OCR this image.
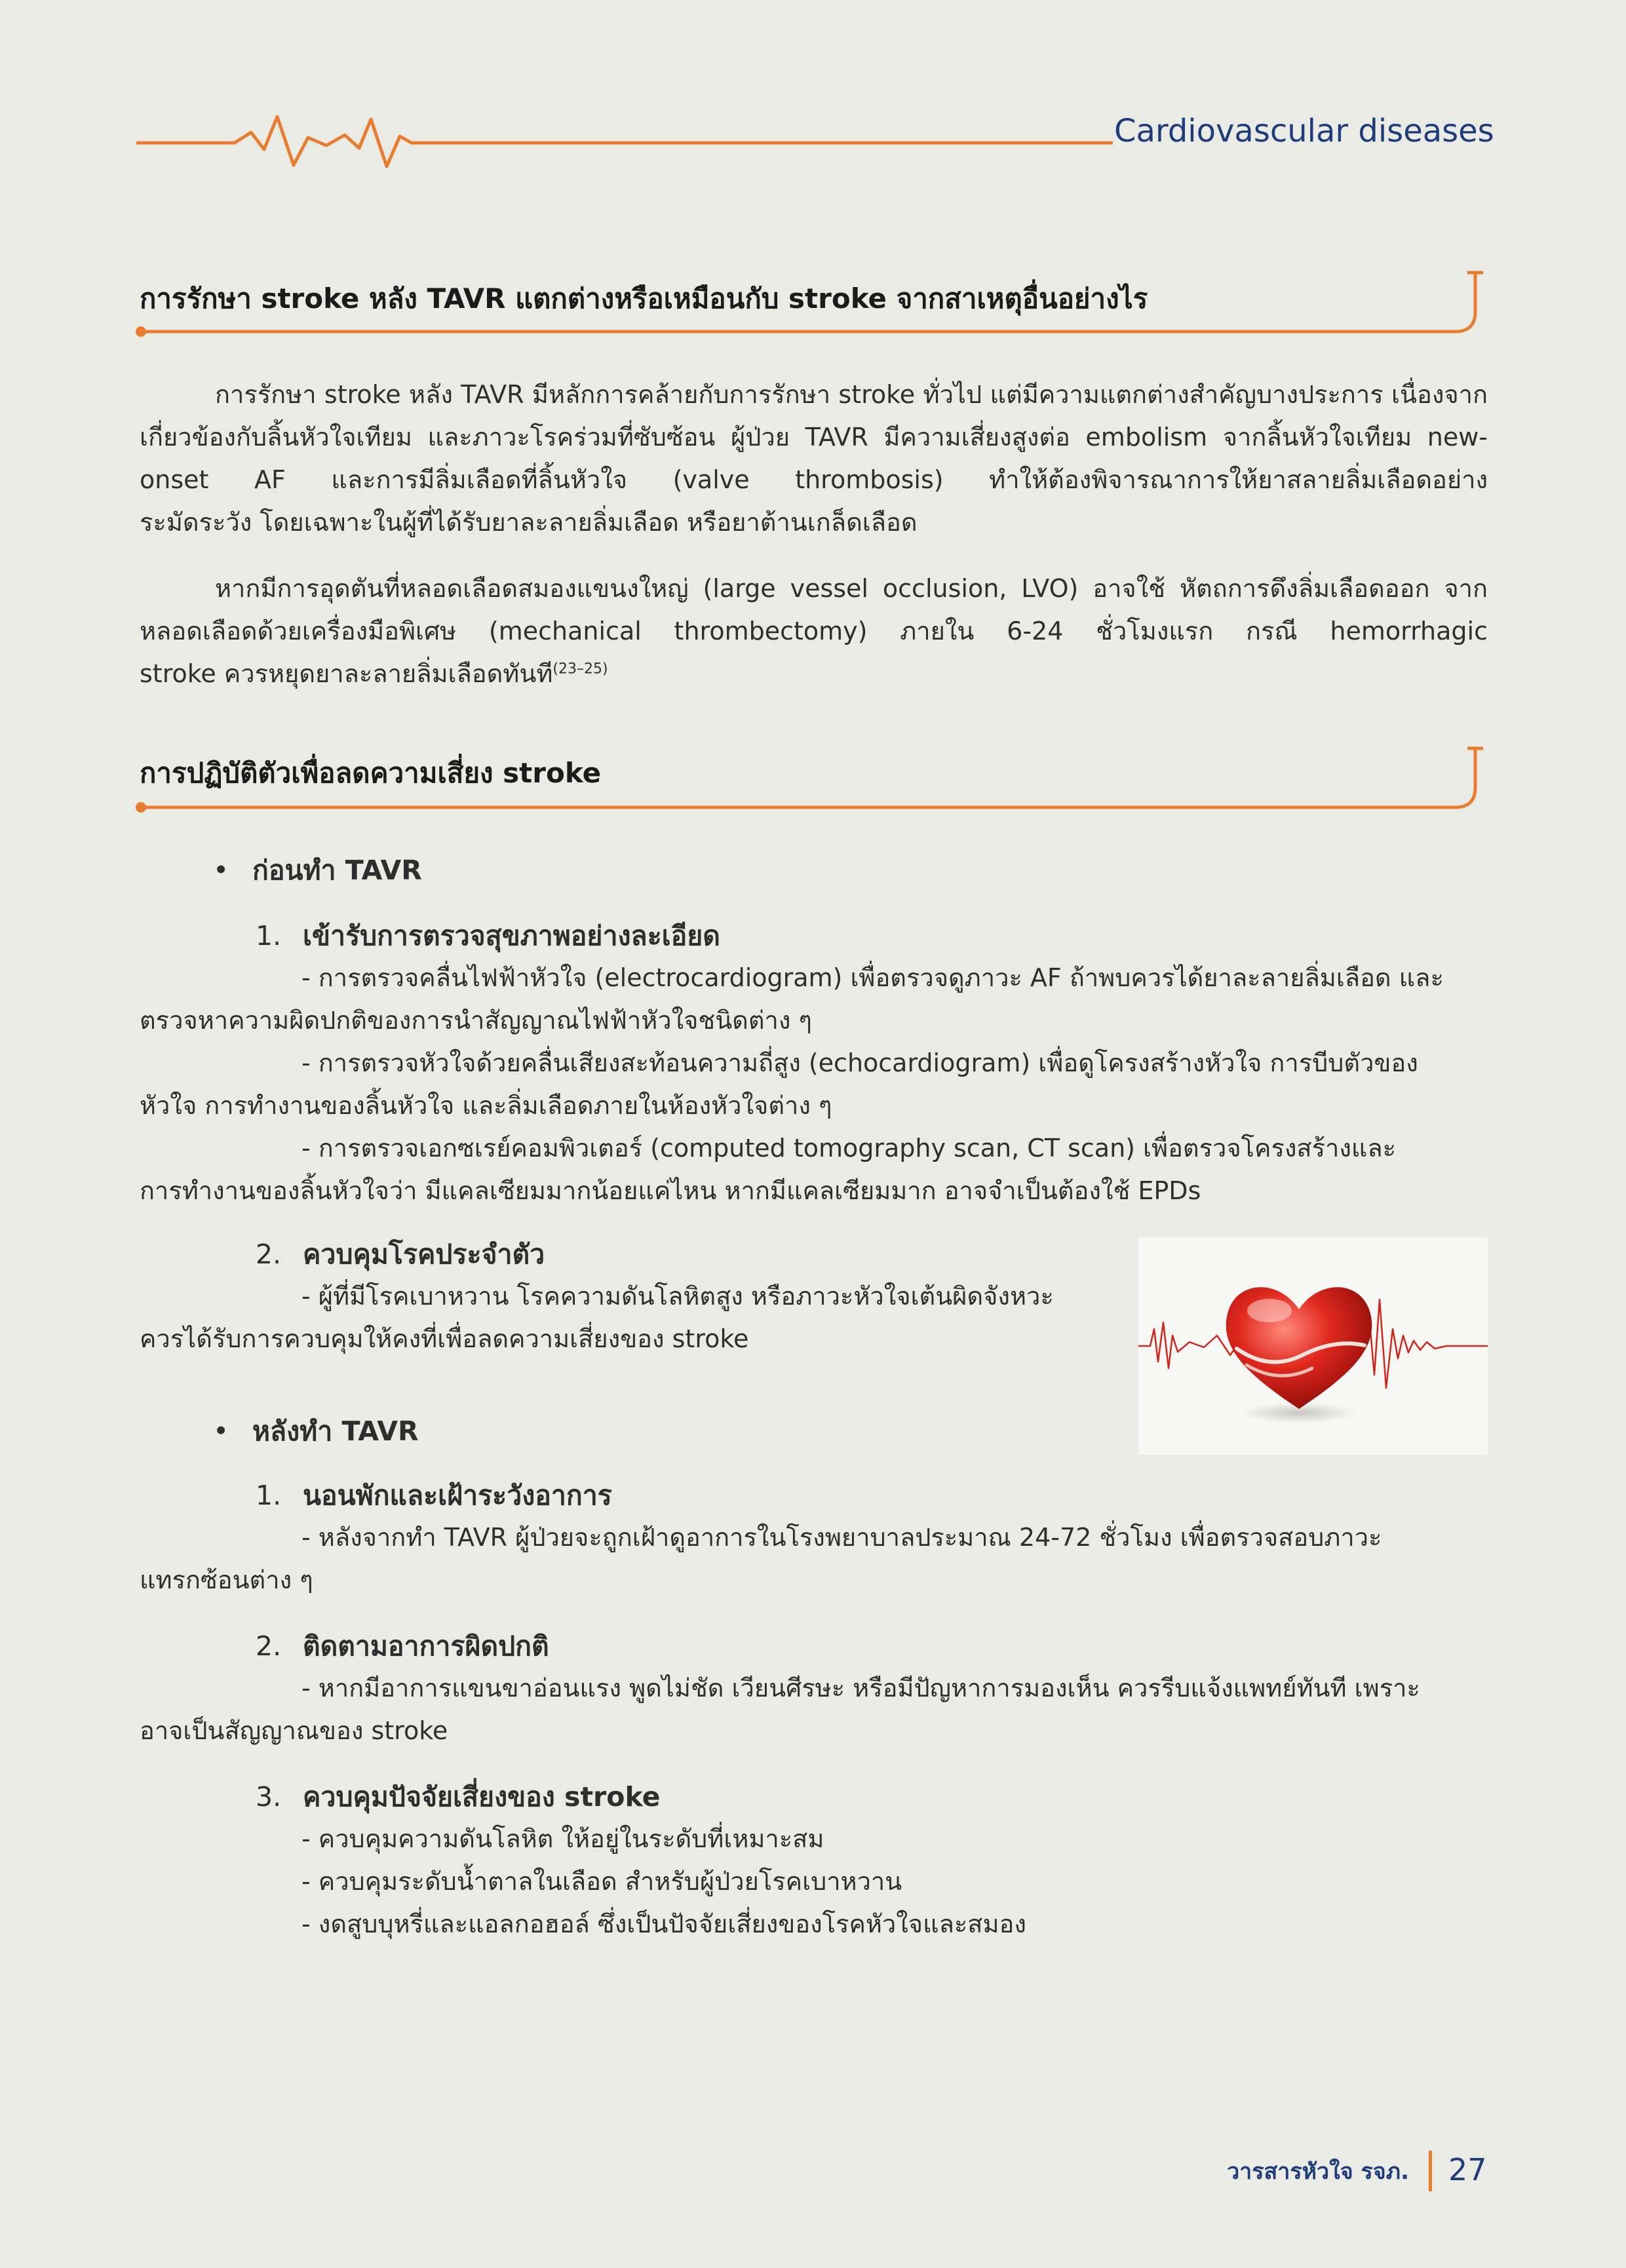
Cardiovascular diseases
การรักษา stroke หลัง TAVR แตกต่างหรือเหมือนกับ stroke จากสาเหตุอื่นอย่างไร

การรักษา stroke หลัง TAVR มีหลักการคล้ายกับการรักษา stroke ทั่วไป แต่มีความแตกต่างสำคัญบางประการ เนื่องจากเกี่ยวข้องกับลิ้นหัวใจเทียม และภาวะโรคร่วมที่ซับซ้อน ผู้ป่วย TAVR มีความเสี่ยงสูงต่อ embolism จากลิ้นหัวใจเทียม new-onset AF และการมีลิ่มเลือดที่ลิ้นหัวใจ (valve thrombosis) ทำให้ต้องพิจารณาการให้ยาสลายลิ่มเลือดอย่าง

ระมัดระวัง โดยเฉพาะในผู้ที่ได้รับยาละลายลิ่มเลือด หรือยาต้านเกล็ดเลือด

หากมีการอุดตันที่หลอดเลือดสมองแขนงใหญ่ (large vessel occlusion, LVO) อาจใช้ หัตถการดึงลิ่มเลือดออก จากหลอดเลือดด้วยเครื่องมือพิเศษ (mechanical thrombectomy) ภายใน 6-24 ชั่วโมงแรก กรณี hemorrhagic

stroke ควรหยุดยาละลายลิ่มเลือดทันที$^{(23-25)}$
การปฏิบัติตัวเพื่อลดความเสี่ยง stroke
• ก่อนทำ TAVR
1. เข้ารับการตรวจสุขภาพอย่างละเอียด
- การตรวจคลื่นไฟฟ้าหัวใจ (electrocardiogram) เพื่อตรวจดูภาวะ AF ถ้าพบควรได้ยาละลายลิ่มเลือด และ
ตรวจหาความผิดปกติของการนำสัญญาณไฟฟ้าหัวใจชนิดต่าง ๆ
- การตรวจหัวใจด้วยคลื่นเสียงสะท้อนความถี่สูง (echocardiogram) เพื่อดูโครงสร้างหัวใจ การบีบตัวของ
หัวใจ การทำงานของลิ้นหัวใจ และลิ่มเลือดภายในห้องหัวใจต่าง ๆ
- การตรวจเอกซเรย์คอมพิวเตอร์ (computed tomography scan, CT scan) เพื่อตรวจโครงสร้างและ
การทำงานของลิ้นหัวใจว่า มีแคลเซียมมากน้อยแค่ไหน หากมีแคลเซียมมาก อาจจำเป็นต้องใช้ EPDs
2. ควบคุมโรคประจำตัว
- ผู้ที่มีโรคเบาหวาน โรคความดันโลหิตสูง หรือภาวะหัวใจเต้นผิดจังหวะ
ควรได้รับการควบคุมให้คงที่เพื่อลดความเสี่ยงของ stroke
• หลังทำ TAVR
1. นอนพักและเฝ้าระวังอาการ
- หลังจากทำ TAVR ผู้ป่วยจะถูกเฝ้าดูอาการในโรงพยาบาลประมาณ 24-72 ชั่วโมง เพื่อตรวจสอบภาวะ
แทรกซ้อนต่าง ๆ
2. ติดตามอาการผิดปกติ
- หากมีอาการแขนขาอ่อนแรง พูดไม่ชัด เวียนศีรษะ หรือมีปัญหาการมองเห็น ควรรีบแจ้งแพทย์ทันที เพราะ
อาจเป็นสัญญาณของ stroke
3. ควบคุมปัจจัยเสี่ยงของ stroke
- ควบคุมความดันโลหิต ให้อยู่ในระดับที่เหมาะสม
- ควบคุมระดับน้ำตาลในเลือด สำหรับผู้ป่วยโรคเบาหวาน
- งดสูบบุหรี่และแอลกอฮอล์ ซึ่งเป็นปัจจัยเสี่ยงของโรคหัวใจและสมอง
วารสารหัวใจ รจภ. 27
